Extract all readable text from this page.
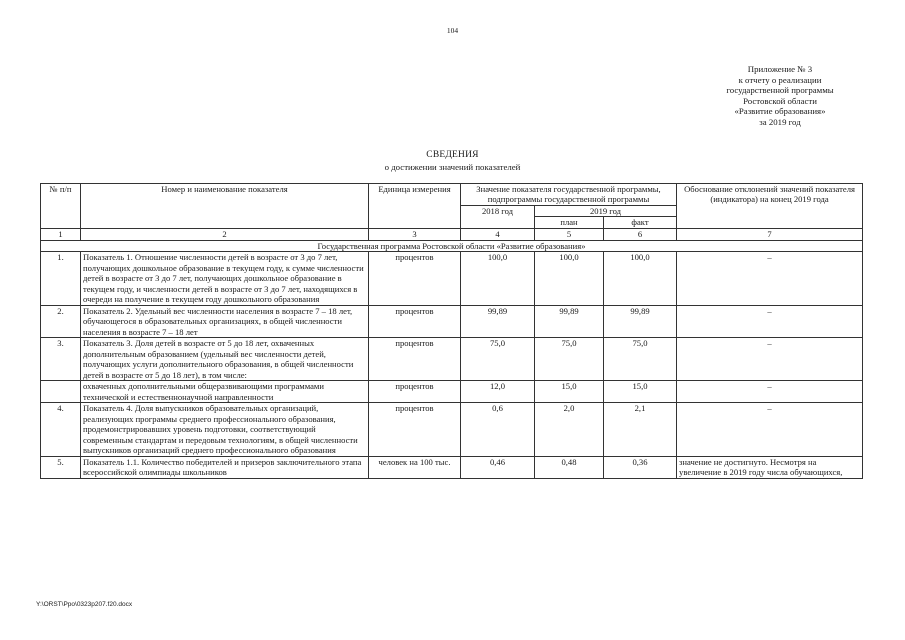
104
Приложение № 3
к отчету о реализации
государственной программы
Ростовской области
«Развитие образования»
за 2019 год
СВЕДЕНИЯ
о достижении значений показателей
№ п/п	Номер и наименование показателя	Единица измерения	Значение показателя государственной программы, подпрограммы государственной программы			Обоснование отклонений значений показателя (индикатора) на конец 2019 года
			2018 год	2019 год		
				план	факт	
1	2	3	4	5	6	7
Государственная программа Ростовской области «Развитие образования»						
1.	Показатель 1. Отношение численности детей в возрасте от 3 до 7 лет, получающих дошкольное образование в текущем году, к сумме численности детей в возрасте от 3 до 7 лет, получающих дошкольное образование в текущем году, и численности детей в возрасте от 3 до 7 лет, находящихся в очереди на получение в текущем году дошкольного образования	процентов	100,0	100,0	100,0	–
2.	Показатель 2. Удельный вес численности населения в возрасте 7 – 18 лет, обучающегося в образовательных организациях, в общей численности населения в возрасте 7 – 18 лет	процентов	99,89	99,89	99,89	–
3.	Показатель 3. Доля детей в возрасте от 5 до 18 лет, охваченных дополнительным образованием (удельный вес численности детей, получающих услуги дополнительного образования, в общей численности детей в возрасте от 5 до 18 лет), в том числе:	процентов	75,0	75,0	75,0	–
	охваченных дополнительными общеразвивающими программами технической и естественнонаучной направленности	процентов	12,0	15,0	15,0	–
4.	Показатель 4. Доля выпускников образовательных организаций, реализующих программы среднего профессионального образования, продемонстрировавших уровень подготовки, соответствующий современным стандартам и передовым технологиям, в общей численности выпускников организаций среднего профессионального образования	процентов	0,6	2,0	2,1	–
5.	Показатель 1.1. Количество победителей и призеров заключительного этапа всероссийской олимпиады школьников	человек на 100 тыс.	0,46	0,48	0,36	значение не достигнуто. Несмотря на увеличение в 2019 году числа обучающихся,
Y:\ORST\Ppo\0323p207.f20.docx
